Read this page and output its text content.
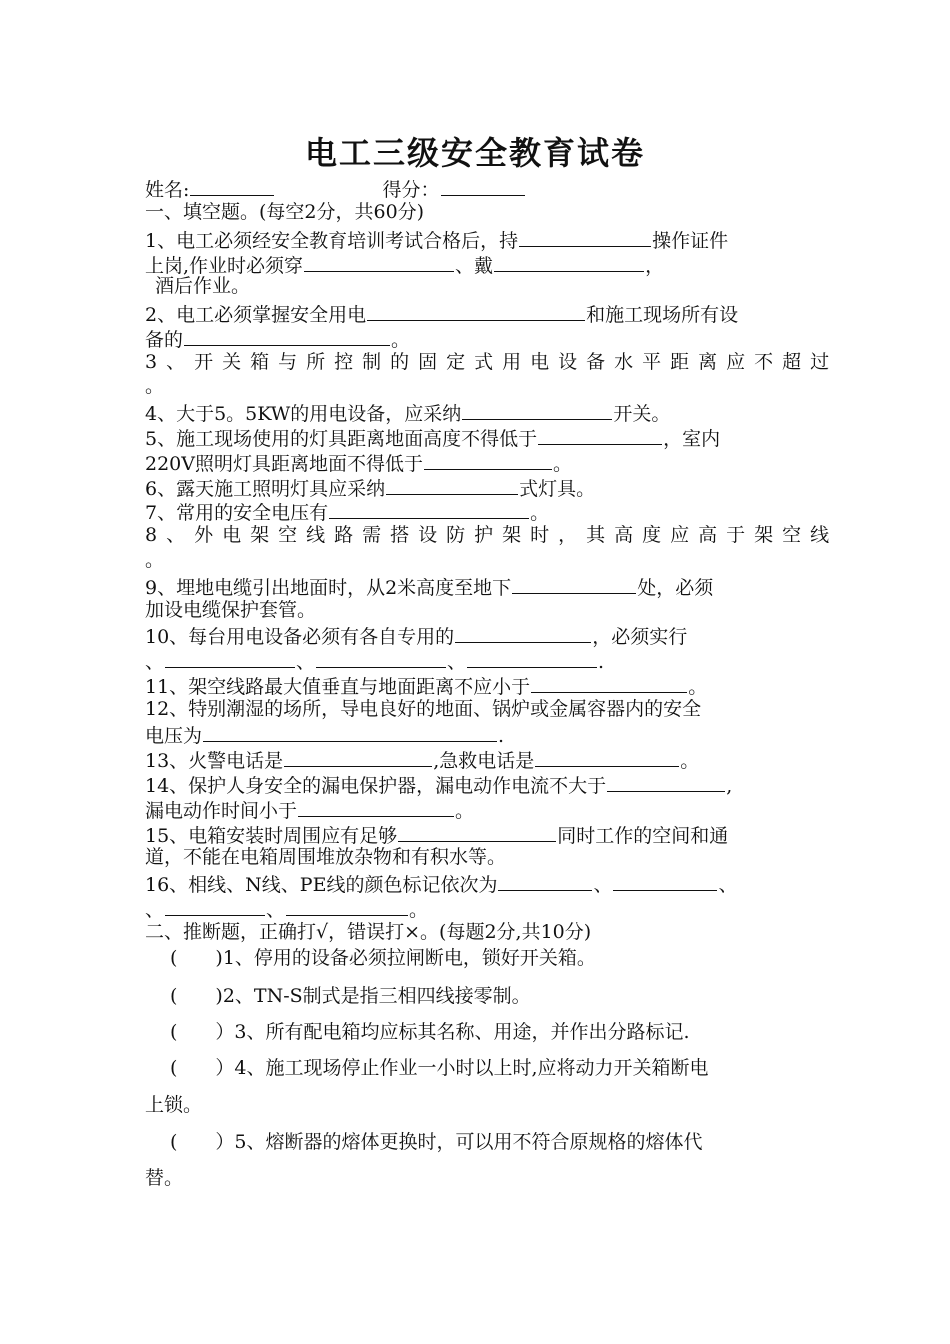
电工三级安全教育试卷
姓名:	得分：
一、填空题。(每空2分，共60分)
1、电工必须经安全教育培训考试合格后，持	操作证件
上岗,作业时必须穿	、戴	，
酒后作业。
2、电工必须掌握安全用电	和施工现场所有设
备的	。
3、开关箱与所控制的固定式用电设备水平距离应不超过
。
4、大于5。5KW的用电设备，应采纳	开关。
5、施工现场使用的灯具距离地面高度不得低于	，室内
220V照明灯具距离地面不得低于	。
6、露天施工照明灯具应采纳	式灯具。
7、常用的安全电压有	。
8、外电架空线路需搭设防护架时，其高度应高于架空线
。
9、埋地电缆引出地面时，从2米高度至地下	处，必须
加设电缆保护套管。
10、每台用电设备必须有各自专用的	，必须实行
、	、	、	.
11、架空线路最大值垂直与地面距离不应小于	。
12、特别潮湿的场所，导电良好的地面、锅炉或金属容器内的安全
电压为	.
13、火警电话是	,急救电话是	。
14、保护人身安全的漏电保护器，漏电动作电流不大于	,
漏电动作时间小于	。
15、电箱安装时周围应有足够	同时工作的空间和通
道，不能在电箱周围堆放杂物和有积水等。
16、相线、N线、PE线的颜色标记依次为	、	、
、	、	。
二、推断题，正确打√，错误打×。(每题2分,共10分)
(　　)1、停用的设备必须拉闸断电，锁好开关箱。
(　　)2、TN-S制式是指三相四线接零制。
(　　）3、所有配电箱均应标其名称、用途，并作出分路标记.
(　　）4、施工现场停止作业一小时以上时,应将动力开关箱断电
上锁。
(　　）5、熔断器的熔体更换时，可以用不符合原规格的熔体代
替。
